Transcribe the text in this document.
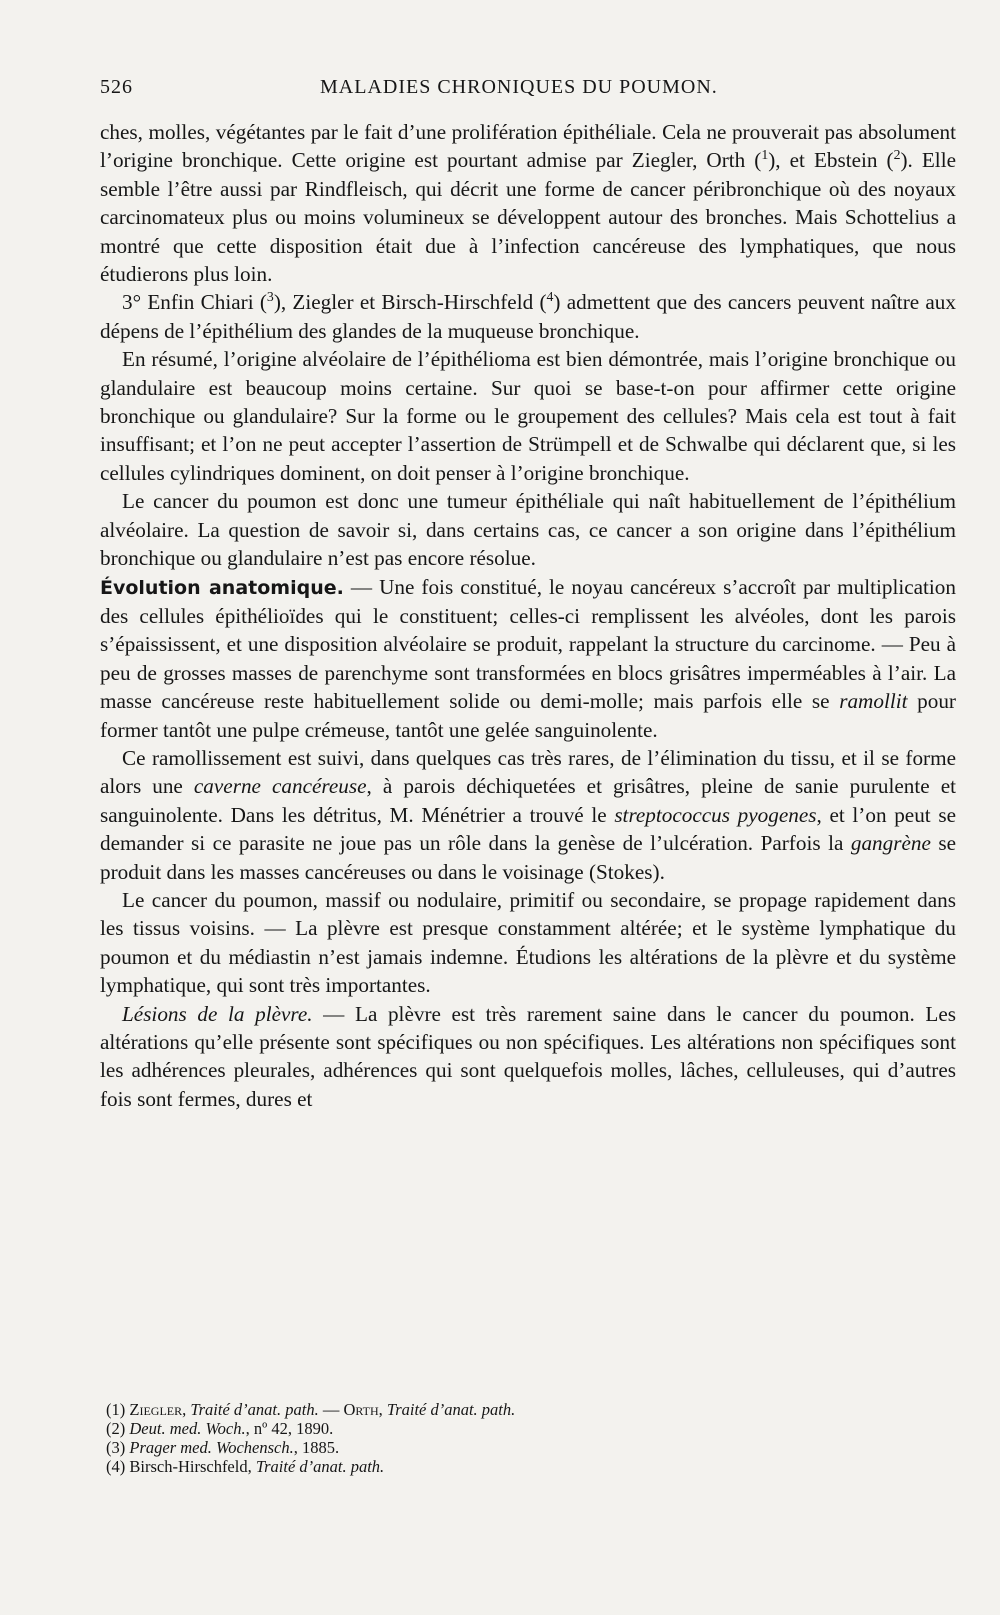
526	MALADIES CHRONIQUES DU POUMON.

ches, molles, végétantes par le fait d’une prolifération épithéliale. Cela ne prouverait pas absolument l’origine bronchique. Cette origine est pourtant admise par Ziegler, Orth ($^1$), et Ebstein ($^2$). Elle semble l’être aussi par Rindfleisch, qui décrit une forme de cancer péribronchique où des noyaux carcinomateux plus ou moins volumineux se développent autour des bronches. Mais Schottelius a montré que cette disposition était due à l’infection cancéreuse des lymphatiques, que nous étudierons plus loin.

3° Enfin Chiari ($^3$), Ziegler et Birsch-Hirschfeld ($^4$) admettent que des cancers peuvent naître aux dépens de l’épithélium des glandes de la muqueuse bronchique.

En résumé, l’origine alvéolaire de l’épithélioma est bien démontrée, mais l’origine bronchique ou glandulaire est beaucoup moins certaine. Sur quoi se base-t-on pour affirmer cette origine bronchique ou glandulaire? Sur la forme ou le groupement des cellules? Mais cela est tout à fait insuffisant; et l’on ne peut accepter l’assertion de Strümpell et de Schwalbe qui déclarent que, si les cellules cylindriques dominent, on doit penser à l’origine bronchique.

Le cancer du poumon est donc une tumeur épithéliale qui naît habituellement de l’épithélium alvéolaire. La question de savoir si, dans certains cas, ce cancer a son origine dans l’épithélium bronchique ou glandulaire n’est pas encore résolue.

Évolution anatomique. — Une fois constitué, le noyau cancéreux s’accroît par multiplication des cellules épithélioïdes qui le constituent; celles-ci remplissent les alvéoles, dont les parois s’épaississent, et une disposition alvéolaire se produit, rappelant la structure du carcinome. — Peu à peu de grosses masses de parenchyme sont transformées en blocs grisâtres imperméables à l’air. La masse cancéreuse reste habituellement solide ou demi-molle; mais parfois elle se ramollit pour former tantôt une pulpe crémeuse, tantôt une gelée sanguinolente.

Ce ramollissement est suivi, dans quelques cas très rares, de l’élimination du tissu, et il se forme alors une caverne cancéreuse, à parois déchiquetées et grisâtres, pleine de sanie purulente et sanguinolente. Dans les détritus, M. Ménétrier a trouvé le streptococcus pyogenes, et l’on peut se demander si ce parasite ne joue pas un rôle dans la genèse de l’ulcération. Parfois la gangrène se produit dans les masses cancéreuses ou dans le voisinage (Stokes).

Le cancer du poumon, massif ou nodulaire, primitif ou secondaire, se propage rapidement dans les tissus voisins. — La plèvre est presque constamment altérée; et le système lymphatique du poumon et du médiastin n’est jamais indemne. Étudions les altérations de la plèvre et du système lymphatique, qui sont très importantes.

Lésions de la plèvre. — La plèvre est très rarement saine dans le cancer du poumon. Les altérations qu’elle présente sont spécifiques ou non spécifiques. Les altérations non spécifiques sont les adhérences pleurales, adhérences qui sont quelquefois molles, lâches, celluleuses, qui d’autres fois sont fermes, dures et

(1) Ziegler, Traité d’anat. path. — Orth, Traité d’anat. path.

(2) Deut. med. Woch., nº 42, 1890.

(3) Prager med. Wochensch., 1885.

(4) Birsch-Hirschfeld, Traité d’anat. path.
